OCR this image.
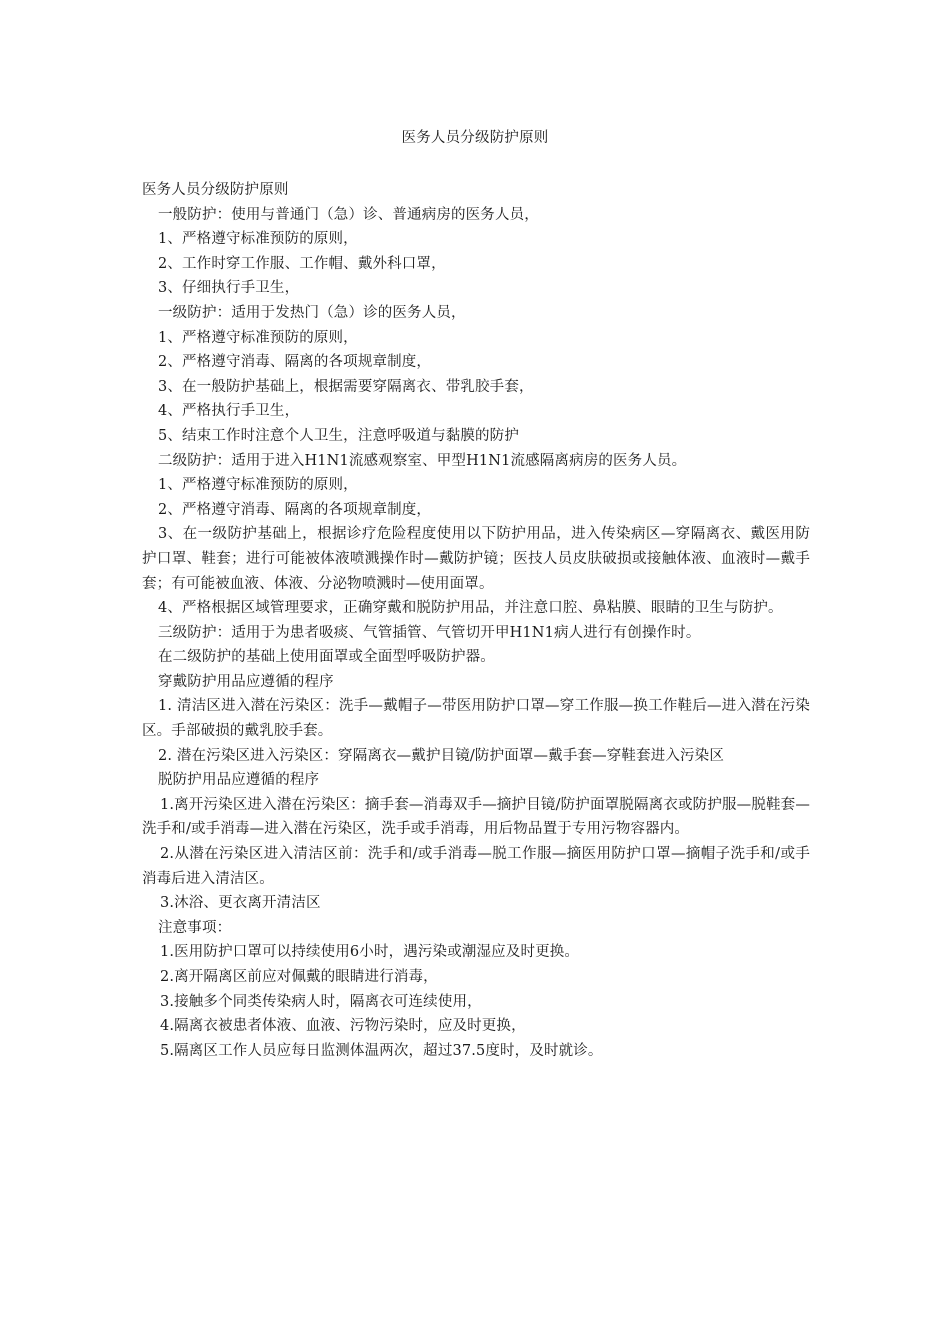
医务人员分级防护原则

医务人员分级防护原则

一般防护：使用与普通门（急）诊、普通病房的医务人员，

1、严格遵守标准预防的原则，

2、工作时穿工作服、工作帽、戴外科口罩，

3、仔细执行手卫生，

一级防护：适用于发热门（急）诊的医务人员，

1、严格遵守标准预防的原则，

2、严格遵守消毒、隔离的各项规章制度，

3、在一般防护基础上，根据需要穿隔离衣、带乳胶手套，

4、严格执行手卫生，

5、结束工作时注意个人卫生，注意呼吸道与黏膜的防护

二级防护：适用于进入H1N1流感观察室、甲型H1N1流感隔离病房的医务人员。

1、严格遵守标准预防的原则，

2、严格遵守消毒、隔离的各项规章制度，

3、在一级防护基础上，根据诊疗危险程度使用以下防护用品，进入传染病区—穿隔离衣、戴医用防护口罩、鞋套；进行可能被体液喷溅操作时—戴防护镜；医技人员皮肤破损或接触体液、血液时—戴手套；有可能被血液、体液、分泌物喷溅时—使用面罩。

4、严格根据区域管理要求，正确穿戴和脱防护用品，并注意口腔、鼻粘膜、眼睛的卫生与防护。

三级防护：适用于为患者吸痰、气管插管、气管切开甲H1N1病人进行有创操作时。

在二级防护的基础上使用面罩或全面型呼吸防护器。

穿戴防护用品应遵循的程序

1. 清洁区进入潜在污染区：洗手—戴帽子—带医用防护口罩—穿工作服—换工作鞋后—进入潜在污染区。手部破损的戴乳胶手套。

2. 潜在污染区进入污染区：穿隔离衣—戴护目镜/防护面罩—戴手套—穿鞋套进入污染区

脱防护用品应遵循的程序

1.离开污染区进入潜在污染区：摘手套—消毒双手—摘护目镜/防护面罩脱隔离衣或防护服—脱鞋套—洗手和/或手消毒—进入潜在污染区，洗手或手消毒，用后物品置于专用污物容器内。

2.从潜在污染区进入清洁区前：洗手和/或手消毒—脱工作服—摘医用防护口罩—摘帽子洗手和/或手消毒后进入清洁区。

3.沐浴、更衣离开清洁区

注意事项：

1.医用防护口罩可以持续使用6小时，遇污染或潮湿应及时更换。

2.离开隔离区前应对佩戴的眼睛进行消毒，

3.接触多个同类传染病人时，隔离衣可连续使用，

4.隔离衣被患者体液、血液、污物污染时，应及时更换，

5.隔离区工作人员应每日监测体温两次，超过37.5度时，及时就诊。
